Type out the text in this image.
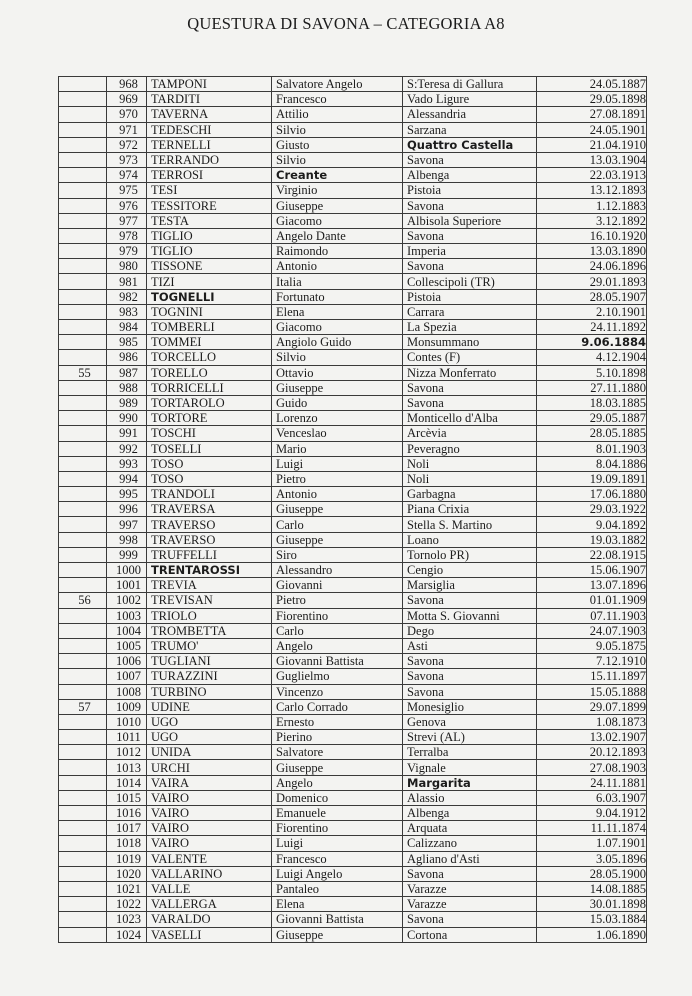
QUESTURA DI SAVONA – CATEGORIA A8
	968	TAMPONI	Salvatore Angelo	S:Teresa di Gallura	24.05.1887
	969	TARDITI	Francesco	Vado Ligure	29.05.1898
	970	TAVERNA	Attilio	Alessandria	27.08.1891
	971	TEDESCHI	Silvio	Sarzana	24.05.1901
	972	TERNELLI	Giusto	Quattro Castella	21.04.1910
	973	TERRANDO	Silvio	Savona	13.03.1904
	974	TERROSI	Creante	Albenga	22.03.1913
	975	TESI	Virginio	Pistoia	13.12.1893
	976	TESSITORE	Giuseppe	Savona	1.12.1883
	977	TESTA	Giacomo	Albisola Superiore	3.12.1892
	978	TIGLIO	Angelo Dante	Savona	16.10.1920
	979	TIGLIO	Raimondo	Imperia	13.03.1890
	980	TISSONE	Antonio	Savona	24.06.1896
	981	TIZI	Italia	Collescipoli (TR)	29.01.1893
	982	TOGNELLI	Fortunato	Pistoia	28.05.1907
	983	TOGNINI	Elena	Carrara	2.10.1901
	984	TOMBERLI	Giacomo	La Spezia	24.11.1892
	985	TOMMEI	Angiolo Guido	Monsummano	9.06.1884
	986	TORCELLO	Silvio	Contes (F)	4.12.1904
55	987	TORELLO	Ottavio	Nizza Monferrato	5.10.1898
	988	TORRICELLI	Giuseppe	Savona	27.11.1880
	989	TORTAROLO	Guido	Savona	18.03.1885
	990	TORTORE	Lorenzo	Monticello d'Alba	29.05.1887
	991	TOSCHI	Venceslao	Arcèvia	28.05.1885
	992	TOSELLI	Mario	Peveragno	8.01.1903
	993	TOSO	Luigi	Noli	8.04.1886
	994	TOSO	Pietro	Noli	19.09.1891
	995	TRANDOLI	Antonio	Garbagna	17.06.1880
	996	TRAVERSA	Giuseppe	Piana Crixia	29.03.1922
	997	TRAVERSO	Carlo	Stella S. Martino	9.04.1892
	998	TRAVERSO	Giuseppe	Loano	19.03.1882
	999	TRUFFELLI	Siro	Tornolo PR)	22.08.1915
	1000	TRENTAROSSI	Alessandro	Cengio	15.06.1907
	1001	TREVIA	Giovanni	Marsiglia	13.07.1896
56	1002	TREVISAN	Pietro	Savona	01.01.1909
	1003	TRIOLO	Fiorentino	Motta S. Giovanni	07.11.1903
	1004	TROMBETTA	Carlo	Dego	24.07.1903
	1005	TRUMO'	Angelo	Asti	9.05.1875
	1006	TUGLIANI	Giovanni Battista	Savona	7.12.1910
	1007	TURAZZINI	Guglielmo	Savona	15.11.1897
	1008	TURBINO	Vincenzo	Savona	15.05.1888
57	1009	UDINE	Carlo Corrado	Monesiglio	29.07.1899
	1010	UGO	Ernesto	Genova	1.08.1873
	1011	UGO	Pierino	Strevi (AL)	13.02.1907
	1012	UNIDA	Salvatore	Terralba	20.12.1893
	1013	URCHI	Giuseppe	Vignale	27.08.1903
	1014	VAIRA	Angelo	Margarita	24.11.1881
	1015	VAIRO	Domenico	Alassio	6.03.1907
	1016	VAIRO	Emanuele	Albenga	9.04.1912
	1017	VAIRO	Fiorentino	Arquata	11.11.1874
	1018	VAIRO	Luigi	Calizzano	1.07.1901
	1019	VALENTE	Francesco	Agliano d'Asti	3.05.1896
	1020	VALLARINO	Luigi Angelo	Savona	28.05.1900
	1021	VALLE	Pantaleo	Varazze	14.08.1885
	1022	VALLERGA	Elena	Varazze	30.01.1898
	1023	VARALDO	Giovanni Battista	Savona	15.03.1884
	1024	VASELLI	Giuseppe	Cortona	1.06.1890
